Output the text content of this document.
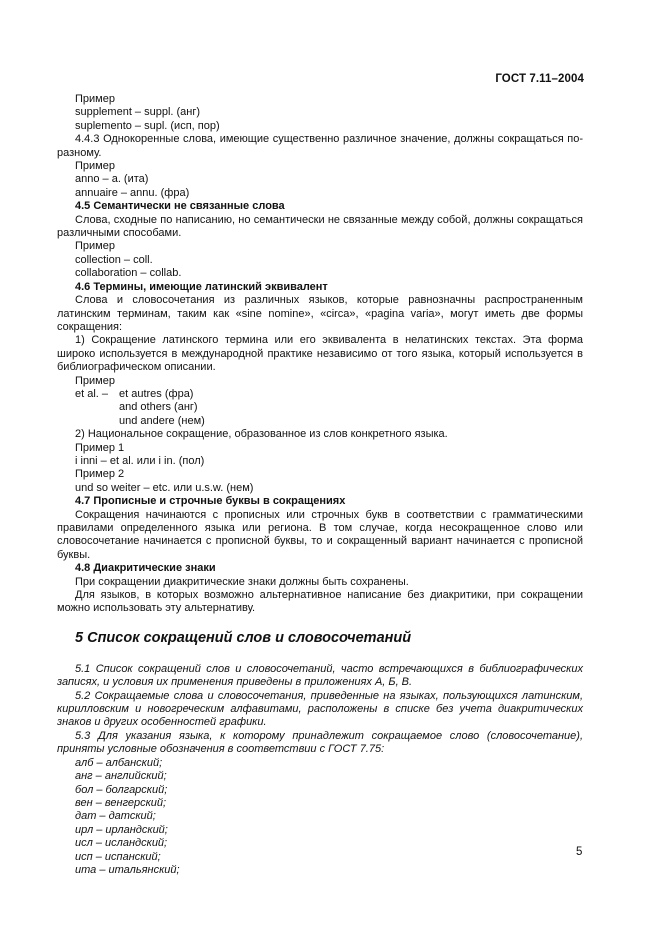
ГОСТ 7.11–2004
Пример
supplement – suppl. (анг)
suplemento – supl. (исп, пор)
4.4.3 Однокоренные слова, имеющие существенно различное значение, должны сокращаться по-разному.
Пример
anno – a. (ита)
annuaire – annu. (фра)
4.5 Семантически не связанные слова
Слова, сходные по написанию, но семантически не связанные между собой, должны сокращаться различными способами.
Пример
collection – coll.
collaboration – collab.
4.6 Термины, имеющие латинский эквивалент
Слова и словосочетания из различных языков, которые равнозначны распространенным латинским терминам, таким как «sine nomine», «circa», «pagina varia», могут иметь две формы сокращения:
1) Сокращение латинского термина или его эквивалента в нелатинских текстах. Эта форма широко используется в международной практике независимо от того языка, который используется в библиографическом описании.
Пример
et al. – et autres (фра)
and others (анг)
und andere (нем)
2) Национальное сокращение, образованное из слов конкретного языка.
Пример 1
i inni – et al. или i in. (пол)
Пример 2
und so weiter – etc. или u.s.w. (нем)
4.7 Прописные и строчные буквы в сокращениях
Сокращения начинаются с прописных или строчных букв в соответствии с грамматическими правилами определенного языка или региона. В том случае, когда несокращенное слово или словосочетание начинается с прописной буквы, то и сокращенный вариант начинается с прописной буквы.
4.8 Диакритические знаки
При сокращении диакритические знаки должны быть сохранены.
Для языков, в которых возможно альтернативное написание без диакритики, при сокращении можно использовать эту альтернативу.
5 Список сокращений слов и словосочетаний
5.1 Список сокращений слов и словосочетаний, часто встречающихся в библиографических записях, и условия их применения приведены в приложениях А, Б, В.
5.2 Сокращаемые слова и словосочетания, приведенные на языках, пользующихся латинским, кирилловским и новогреческим алфавитами, расположены в списке без учета диакритических знаков и других особенностей графики.
5.3 Для указания языка, к которому принадлежит сокращаемое слово (словосочетание), приняты условные обозначения в соответствии с ГОСТ 7.75:
алб – албанский;
анг – английский;
бол – болгарский;
вен – венгерский;
дат – датский;
ирл – ирландский;
исл – исландский;
исп – испанский;
ита – итальянский;
5
